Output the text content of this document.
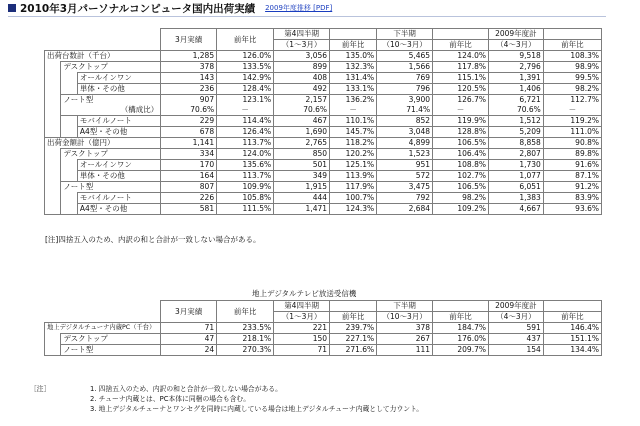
2010年3月パーソナルコンピュータ国内出荷実績 2009年度推移 [PDF]
			3月実績	前年比	第4四半期		下半期		2009年度計	
					（1～3月）	前年比	（10～3月）	前年比	（4～3月）	前年比
出荷台数計（千台）			1,285	126.0%	3,056	135.0%	5,465	124.0%	9,518	108.3%
	デスクトップ		378	133.5%	899	132.3%	1,566	117.8%	2,796	98.9%
		オールインワン	143	142.9%	408	131.4%	769	115.1%	1,391	99.5%
		単体・その他	236	128.4%	492	133.1%	796	120.5%	1,406	98.2%
	ノート型		907	123.1%	2,157	136.2%	3,900	126.7%	6,721	112.7%
	（構成比）		70.6%	－	70.6%	－	71.4%	－	70.6%	－
		モバイルノート	229	114.4%	467	110.1%	852	119.9%	1,512	119.2%
		A4型・その他	678	126.4%	1,690	145.7%	3,048	128.8%	5,209	111.0%
出荷金額計（億円）			1,141	113.7%	2,765	118.2%	4,899	106.5%	8,858	90.8%
	デスクトップ		334	124.0%	850	120.2%	1,523	106.4%	2,807	89.8%
		オールインワン	170	135.6%	501	125.1%	951	108.8%	1,730	91.6%
		単体・その他	164	113.7%	349	113.9%	572	102.7%	1,077	87.1%
	ノート型		807	109.9%	1,915	117.9%	3,475	106.5%	6,051	91.2%
		モバイルノート	226	105.8%	444	100.7%	792	98.2%	1,383	83.9%
		A4型・その他	581	111.5%	1,471	124.3%	2,684	109.2%	4,667	93.6%
[注]四捨五入のため、内訳の和と合計が一致しない場合がある。
地上デジタルテレビ放送受信機
		3月実績	前年比	第4四半期		下半期		2009年度計	
				（1～3月）	前年比	（10～3月）	前年比	（4～3月）	前年比
地上デジタルチューナ内蔵PC（千台）		71	233.5%	221	239.7%	378	184.7%	591	146.4%
	デスクトップ	47	218.1%	150	227.1%	267	176.0%	437	151.1%
	ノート型	24	270.3%	71	271.6%	111	209.7%	154	134.4%
［注］	1. 四捨五入のため、内訳の和と合計が一致しない場合がある。
2. チューナ内蔵とは、PC本体に同梱の場合も含む。
3. 地上デジタルチューナとワンセグを同時に内蔵している場合は地上デジタルチューナ内蔵として力ウント。
